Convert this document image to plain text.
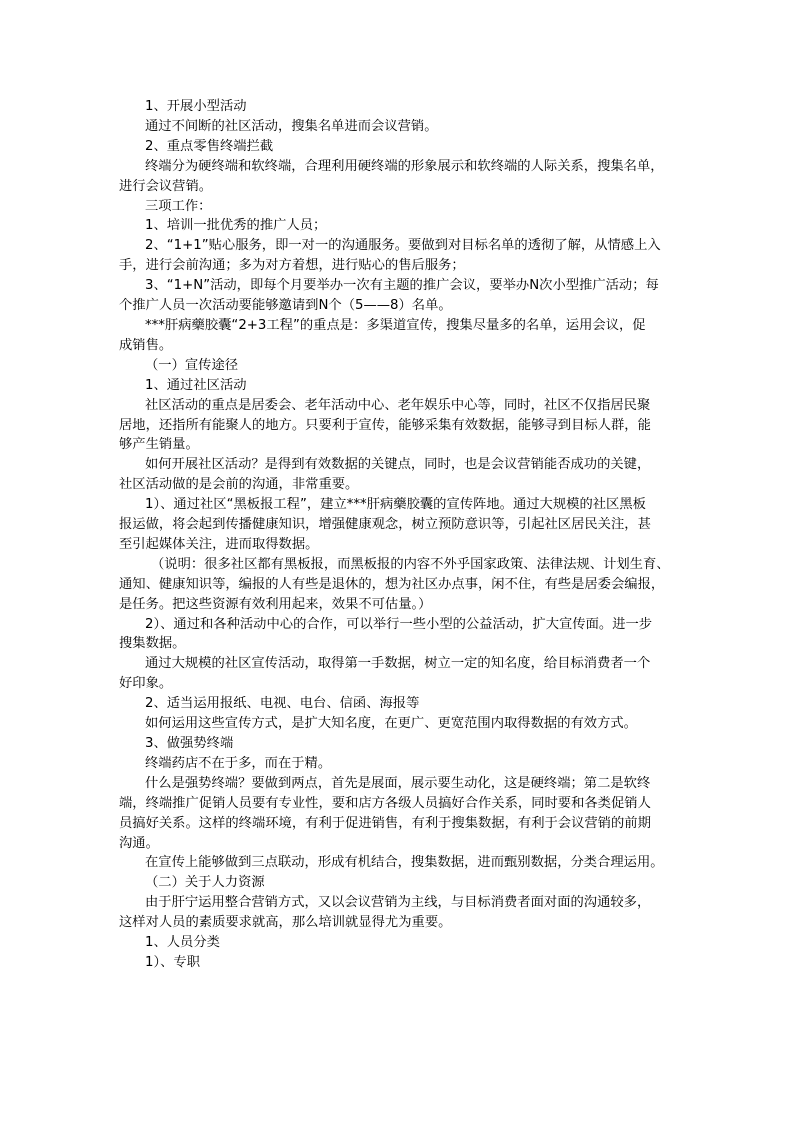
1、开展小型活动
通过不间断的社区活动，搜集名单进而会议营销。
2、重点零售终端拦截
终端分为硬终端和软终端，合理利用硬终端的形象展示和软终端的人际关系，搜集名单，
进行会议营销。
三项工作：
1、培训一批优秀的推广人员；
2、“1+1”贴心服务，即一对一的沟通服务。要做到对目标名单的透彻了解，从情感上入
手，进行会前沟通；多为对方着想，进行贴心的售后服务；
3、“1+N”活动，即每个月要举办一次有主题的推广会议，要举办N次小型推广活动；每
个推广人员一次活动要能够邀请到N个（5——8）名单。
***肝病藥胶囊“2+3工程”的重点是：多渠道宣传，搜集尽量多的名单，运用会议，促
成销售。
（一）宣传途径
1、通过社区活动
社区活动的重点是居委会、老年活动中心、老年娱乐中心等，同时，社区不仅指居民聚
居地，还指所有能聚人的地方。只要利于宣传，能够采集有效数据，能够寻到目标人群，能
够产生销量。
如何开展社区活动？是得到有效数据的关键点，同时，也是会议营销能否成功的关键，
社区活动做的是会前的沟通，非常重要。
1）、通过社区“黑板报工程”，建立***肝病藥胶囊的宣传阵地。通过大规模的社区黑板
报运做，将会起到传播健康知识，增强健康观念，树立预防意识等，引起社区居民关注，甚
至引起媒体关注，进而取得数据。
（说明：很多社区都有黑板报，而黑板报的内容不外乎国家政策、法律法规、计划生育、
通知、健康知识等，编报的人有些是退休的，想为社区办点事，闲不住，有些是居委会编报，
是任务。把这些资源有效利用起来，效果不可估量。）
2）、通过和各种活动中心的合作，可以举行一些小型的公益活动，扩大宣传面。进一步
搜集数据。
通过大规模的社区宣传活动，取得第一手数据，树立一定的知名度，给目标消费者一个
好印象。
2、适当运用报纸、电视、电台、信函、海报等
如何运用这些宣传方式，是扩大知名度，在更广、更宽范围内取得数据的有效方式。
3、做强势终端
终端药店不在于多，而在于精。
什么是强势终端？要做到两点，首先是展面，展示要生动化，这是硬终端；第二是软终
端，终端推广促销人员要有专业性，要和店方各级人员搞好合作关系，同时要和各类促销人
员搞好关系。这样的终端环境，有利于促进销售，有利于搜集数据，有利于会议营销的前期
沟通。
在宣传上能够做到三点联动，形成有机结合，搜集数据，进而甄别数据，分类合理运用。
（二）关于人力资源
由于肝宁运用整合营销方式，又以会议营销为主线，与目标消费者面对面的沟通较多，
这样对人员的素质要求就高，那么培训就显得尤为重要。
1、人员分类
1）、专职
